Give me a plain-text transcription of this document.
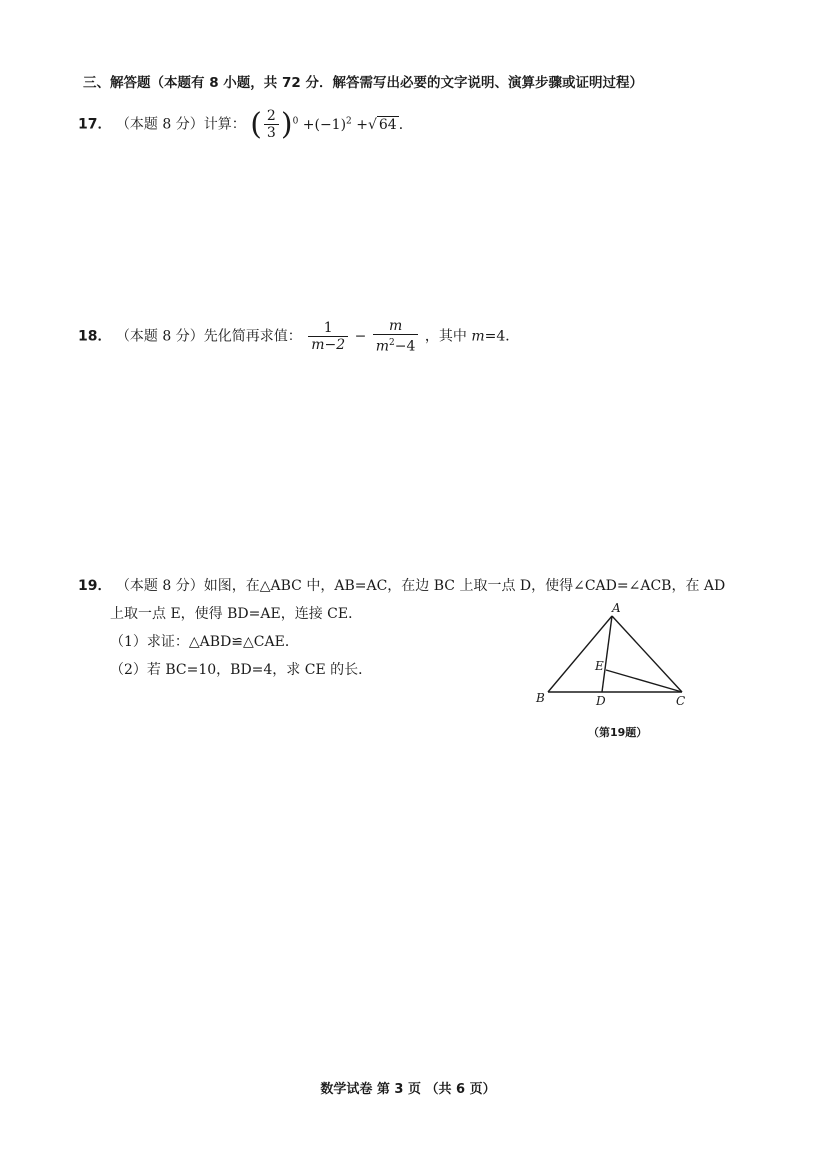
三、解答题（本题有 8 小题，共 72 分．解答需写出必要的文字说明、演算步骤或证明过程）
17． （本题 8 分）计算： ( $\frac{2}{3} )^0 +(-1)^2$ +√ 64 ．
18． （本题 8 分）先化简再求值： $\frac{1}{m-2} - \frac{m}{m^2-4}$ ，其中 m=4．
19． （本题 8 分）如图，在△ABC 中，AB=AC，在边 BC 上取一点 D，使得∠CAD=∠ACB，在 AD
上取一点 E，使得 BD=AE，连接 CE．
（1）求证：△ABD≌△CAE．
（2）若 BC=10，BD=4，求 CE 的长．
A
B	C
D
E
（第19题）
数学试卷 第 3 页 （共 6 页）
